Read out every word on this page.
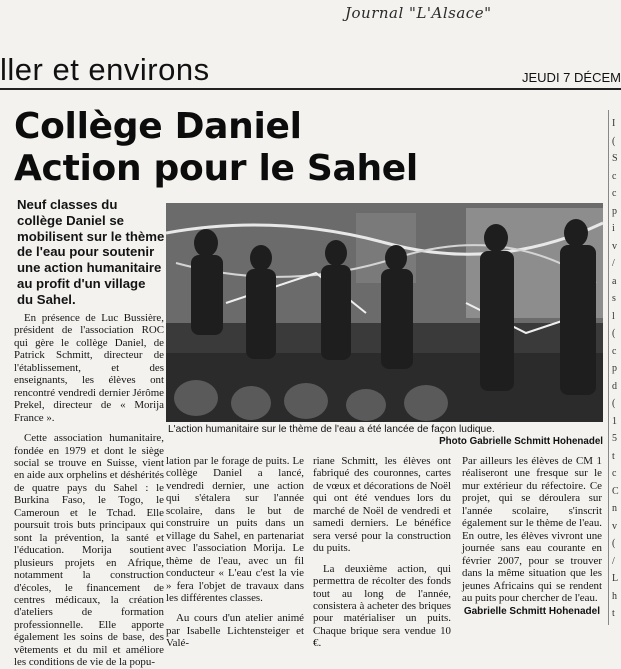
Journal "L'Alsace"
ller et environs	JEUDI 7 DÉCEM
Collège Daniel
Action pour le Sahel
Neuf classes du collège Daniel se mobilisent sur le thème de l'eau pour soutenir une action humanitaire au profit d'un village du Sahel.

En présence de Luc Bussière, président de l'association ROC qui gère le collège Daniel, de Patrick Schmitt, directeur de l'établissement, et des enseignants, les élèves ont rencontré vendredi dernier Jérôme Prekel, directeur de « Morija France ».

Cette association humanitaire, fondée en 1979 et dont le siège social se trouve en Suisse, vient en aide aux orphelins et déshérités de quatre pays du Sahel : le Burkina Faso, le Togo, le Cameroun et le Tchad. Elle poursuit trois buts principaux qui sont la prévention, la santé et l'éducation. Morija soutient plusieurs projets en Afrique, notamment la construction d'écoles, le financement de centres médicaux, la création d'ateliers de formation professionnelle. Elle apporte également les soins de base, des vêtements et du mil et améliore les conditions de vie de la popu-

L'action humanitaire sur le thème de l'eau a été lancée de façon ludique.
Photo Gabrielle Schmitt Hohenadel

lation par le forage de puits. Le collège Daniel a lancé, vendredi dernier, une action qui s'étalera sur l'année scolaire, dans le but de construire un puits dans un village du Sahel, en partenariat avec l'association Morija. Le thème de l'eau, avec un fil conducteur « L'eau c'est la vie » fera l'objet de travaux dans les différentes classes.

Au cours d'un atelier animé par Isabelle Lichtensteiger et Valé-

riane Schmitt, les élèves ont fabriqué des couronnes, cartes de vœux et décorations de Noël qui ont été vendues lors du marché de Noël de vendredi et samedi derniers. Le bénéfice sera versé pour la construction du puits.

La deuxième action, qui permettra de récolter des fonds tout au long de l'année, consistera à acheter des briques pour matérialiser un puits. Chaque brique sera vendue 10 €.

Par ailleurs les élèves de CM 1 réaliseront une fresque sur le mur extérieur du réfectoire. Ce projet, qui se déroulera sur l'année scolaire, s'inscrit également sur le thème de l'eau. En outre, les élèves vivront une journée sans eau courante en février 2007, pour se trouver dans la même situation que les jeunes Africains qui se rendent au puits pour chercher de l'eau.

Gabrielle Schmitt Hohenadel
I
(
S
c
c
p
i
v
/
a
s
l
(
c
p
d
(
1
5
t
c
C
n
v
(
/
L
h
t
